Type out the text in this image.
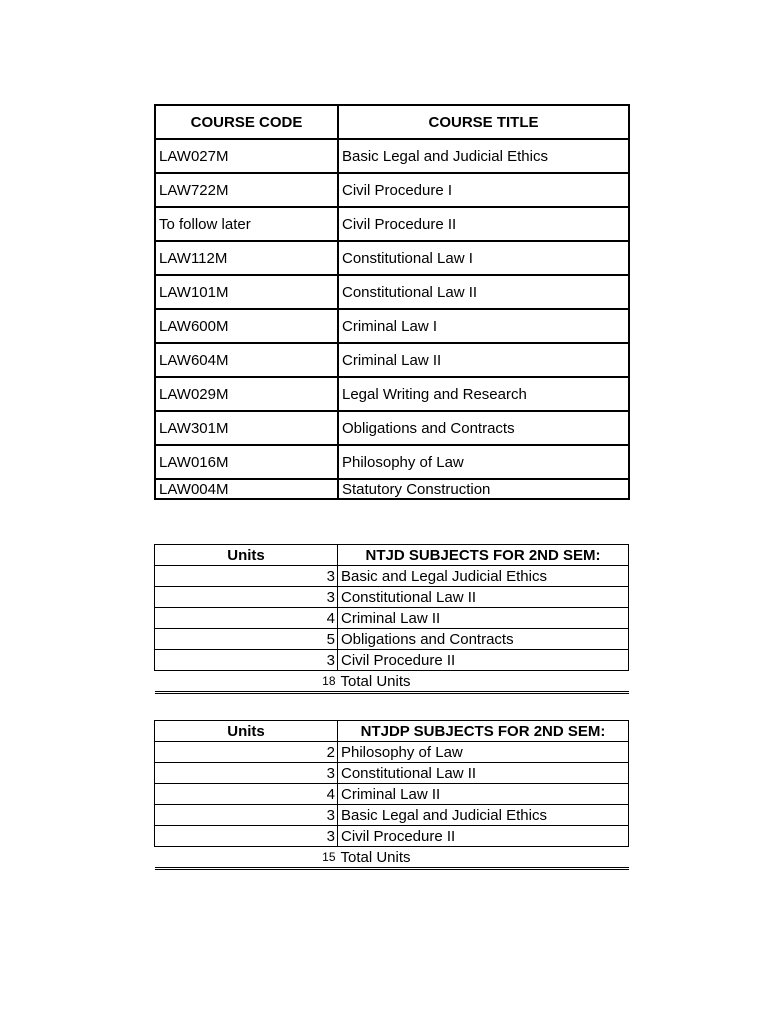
COURSE CODE	COURSE TITLE
LAW027M	Basic Legal and Judicial Ethics
LAW722M	Civil Procedure I
To follow later	Civil Procedure II
LAW112M	Constitutional Law I
LAW101M	Constitutional Law II
LAW600M	Criminal Law I
LAW604M	Criminal Law II
LAW029M	Legal Writing and Research
LAW301M	Obligations and Contracts
LAW016M	Philosophy of Law
LAW004M	Statutory Construction
Units	NTJD SUBJECTS FOR 2ND SEM:
3	Basic and Legal Judicial Ethics
3	Constitutional Law II
4	Criminal Law II
5	Obligations and Contracts
3	Civil Procedure II
18	Total Units

Units	NTJDP SUBJECTS FOR 2ND SEM:
2	Philosophy of Law
3	Constitutional Law II
4	Criminal Law II
3	Basic Legal and Judicial Ethics
3	Civil Procedure II
15	Total Units
